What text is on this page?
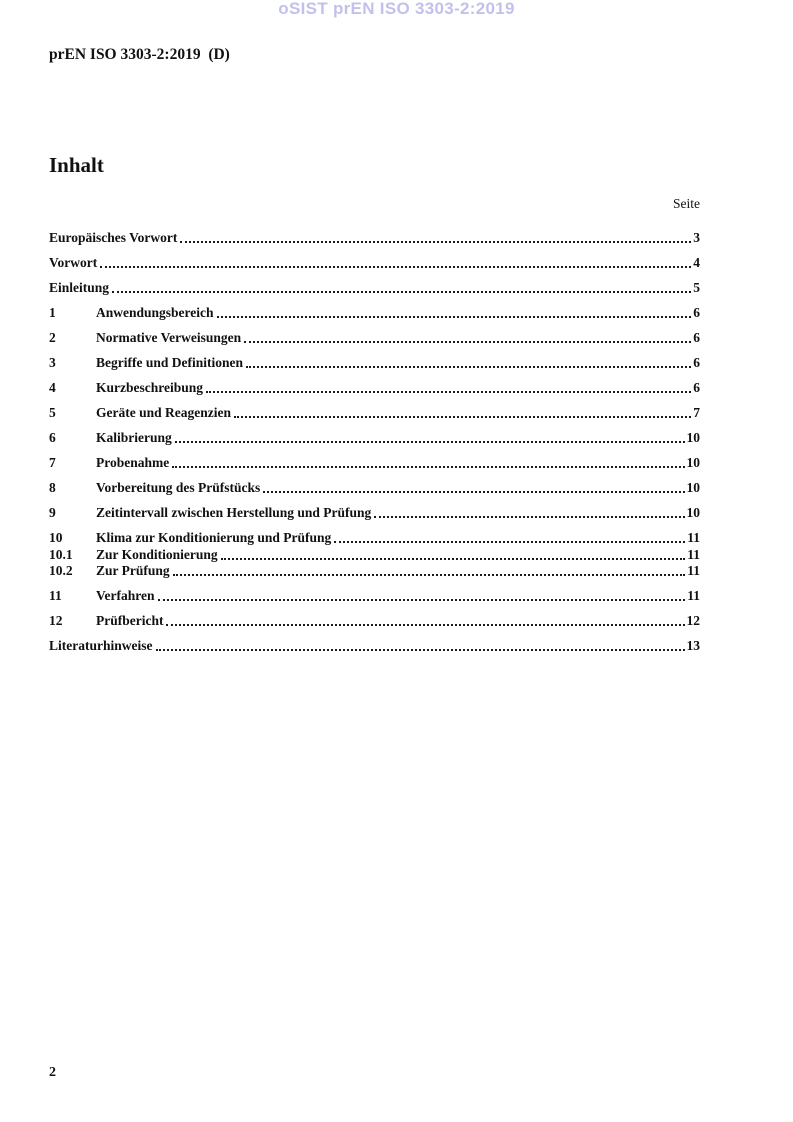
oSIST prEN ISO 3303-2:2019
prEN ISO 3303-2:2019  (D)
Inhalt
Seite
Europäisches Vorwort	3
Vorwort	4
Einleitung	5
1	Anwendungsbereich	6
2	Normative Verweisungen	6
3	Begriffe und Definitionen	6
4	Kurzbeschreibung	6
5	Geräte und Reagenzien	7
6	Kalibrierung	10
7	Probenahme	10
8	Vorbereitung des Prüfstücks	10
9	Zeitintervall zwischen Herstellung und Prüfung	10
10	Klima zur Konditionierung und Prüfung	11
10.1	Zur Konditionierung	11
10.2	Zur Prüfung	11
11	Verfahren	11
12	Prüfbericht	12
Literaturhinweise	13
2
